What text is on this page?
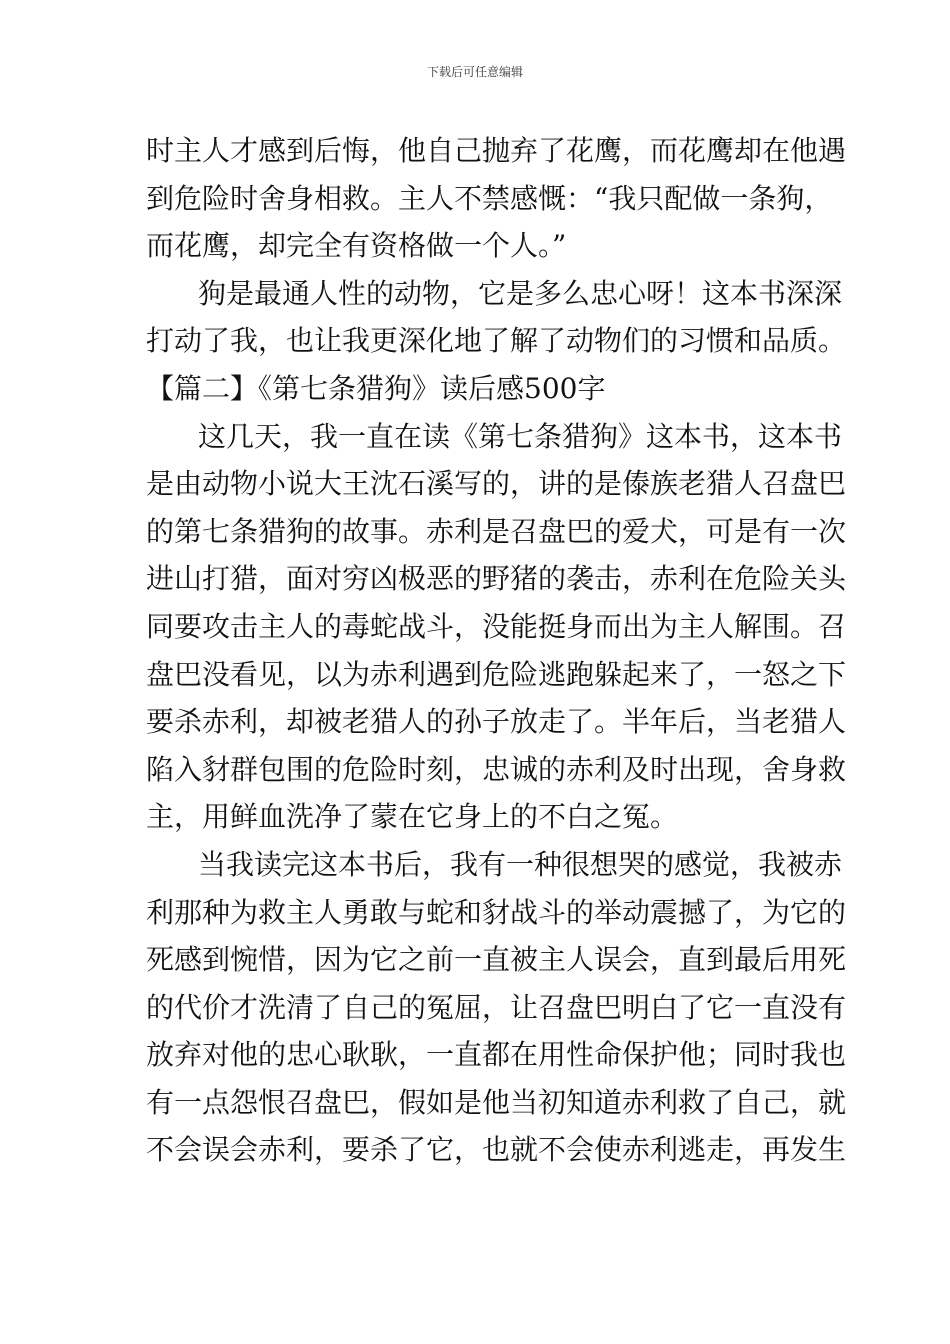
下载后可任意编辑
时主人才感到后悔，他自己抛弃了花鹰，而花鹰却在他遇
到危险时舍身相救。主人不禁感慨：“我只配做一条狗，
而花鹰，却完全有资格做一个人。”
狗是最通人性的动物，它是多么忠心呀！这本书深深
打动了我，也让我更深化地了解了动物们的习惯和品质。
【篇二】《第七条猎狗》读后感500字
这几天，我一直在读《第七条猎狗》这本书，这本书
是由动物小说大王沈石溪写的，讲的是傣族老猎人召盘巴
的第七条猎狗的故事。赤利是召盘巴的爱犬，可是有一次
进山打猎，面对穷凶极恶的野猪的袭击，赤利在危险关头
同要攻击主人的毒蛇战斗，没能挺身而出为主人解围。召
盘巴没看见，以为赤利遇到危险逃跑躲起来了，一怒之下
要杀赤利，却被老猎人的孙子放走了。半年后，当老猎人
陷入豺群包围的危险时刻，忠诚的赤利及时出现，舍身救
主，用鲜血洗净了蒙在它身上的不白之冤。
当我读完这本书后，我有一种很想哭的感觉，我被赤
利那种为救主人勇敢与蛇和豺战斗的举动震撼了，为它的
死感到惋惜，因为它之前一直被主人误会，直到最后用死
的代价才洗清了自己的冤屈，让召盘巴明白了它一直没有
放弃对他的忠心耿耿，一直都在用性命保护他；同时我也
有一点怨恨召盘巴，假如是他当初知道赤利救了自己，就
不会误会赤利，要杀了它，也就不会使赤利逃走，再发生
